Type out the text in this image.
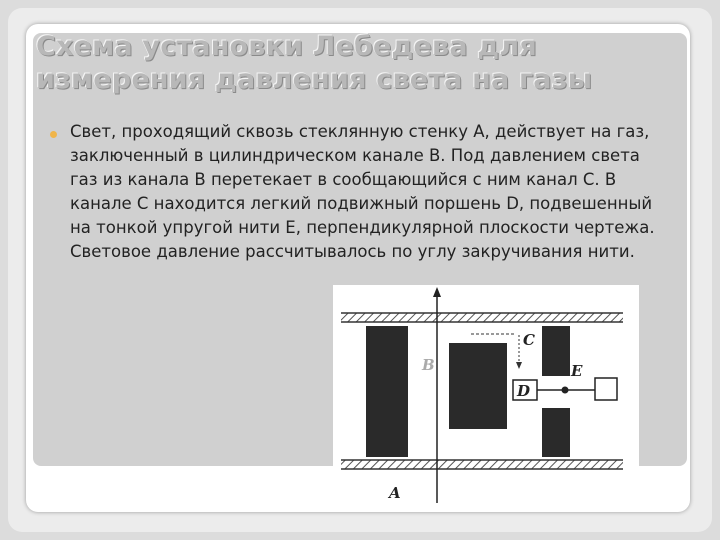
Схема установки Лебедева для измерения давления света на газы

Свет, проходящий сквозь стеклянную стенку A, действует на газ, заключенный в цилиндрическом канале B. Под давлением света газ из канала B перетекает в сообщающийся с ним канал C. В канале C находится легкий подвижный поршень D, подвешенный на тонкой упругой нити E, перпендикулярной плоскости чертежа. Световое давление рассчитывалось по углу закручивания нити.

A
B
C
D
E
